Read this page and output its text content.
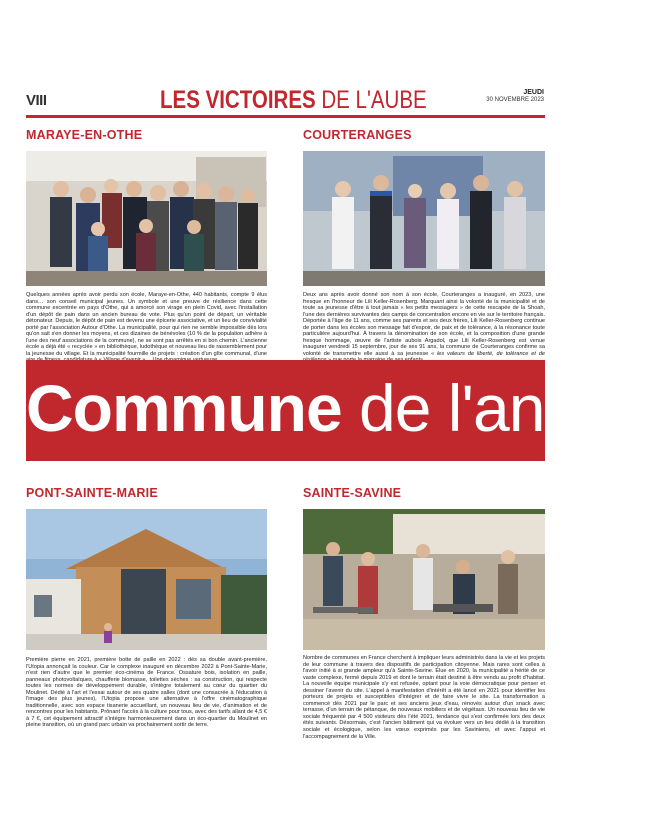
VIII	LES VICTOIRES DE L'AUBE	JEUDI
30 NOVEMBRE 2023
MARAYE-EN-OTHE
Quelques années après avoir perdu son école, Maraye-en-Othe, 440 habitants, compte 9 élus dans… son conseil municipal jeunes. Un symbole et une preuve de résilience dans cette commune excentrée en pays d'Othe, qui a amorcé son virage en plein Covid, avec l'installation d'un dépôt de pain dans un ancien bureau de vote. Plus qu'un point de départ, un véritable détonateur. Depuis, le dépôt de pain est devenu une épicerie associative, et un lieu de convivialité porté par l'association Autour d'Othe. La municipalité, pour qui rien ne semble impossible dès lors qu'on sait s'en donner les moyens, et ces dizaines de bénévoles (10 % de la population adhère à l'une des neuf associations de la commune), ne se sont pas arrêtés en si bon chemin. L'ancienne école a déjà été « recyclée » en bibliothèque, ludothèque et nouveau lieu de rassemblement pour la jeunesse du village. Et la municipalité fourmille de projets : création d'un gîte communal, d'une
COURTERANGES
Deux ans après avoir donné son nom à son école, Courteranges a inauguré, en 2023, une fresque en l'honneur de Lili Keller-Rosenberg. Marquant ainsi la volonté de la municipalité et de toute sa jeunesse d'être à tout jamais « les petits messagers » de cette rescapée de la Shoah, l'une des dernières survivantes des camps de concentration encore en vie sur le territoire français. Déportée à l'âge de 11 ans, comme ses parents et ses deux frères, Lili Keller-Rosenberg continue de porter dans les écoles son message fait d'espoir, de paix et de tolérance, à la résonance toute particulière aujourd'hui. À travers la dénomination de son école, et la composition d'une grande fresque hommage, œuvre de l'artiste aubois Argadol, que Lili Keller-Rosenberg est venue inaugurer vendredi 15 septembre, jour de ses 91 ans, la commune de Courteranges confirme sa volonté de transmettre elle aussi à sa jeunesse « les valeurs de liberté, de tolérance et de
Commune de l'année
PONT-SAINTE-MARIE
Première pierre en 2021, première botte de paille en 2022 : dès sa double avant-première, l'Utopia annonçait la couleur. Car le complexe inauguré en décembre 2022 à Pont-Sainte-Marie, n'est rien d'autre que le premier éco-cinéma de France. Ossature bois, isolation en paille, panneaux photovoltaïques, chaufferie biomasse, toilettes sèches : sa construction, qui respecte toutes les normes de développement durable, s'intègre totalement au cœur du quartier du Moulinet. Dédié à l'art et l'essai autour de ses quatre salles (dont une consacrée à l'éducation à l'image des plus jeunes), l'Utopia propose une alternative à l'offre cinématographique traditionnelle, avec son espace tisanerie accueillant, un nouveau lieu de vie, d'animation et de rencontres pour les habitants. Prônant l'accès à la culture pour tous, avec des tarifs allant de 4,5 € à 7 €, cet équipement attractif s'intègre harmonieusement dans un éco-quartier du Moulinet en pleine transition, où un grand parc urbain va prochainement sortir de terre.
SAINTE-SAVINE
Nombre de communes en France cherchent à impliquer leurs administrés dans la vie et les projets de leur commune à travers des dispositifs de participation citoyenne. Mais rares sont celles à l'avoir initié à si grande ampleur qu'à Sainte-Savine. Élue en 2020, la municipalité a hérité de ce vaste complexe, fermé depuis 2019 et dont le terrain était destiné à être vendu au profit d'habitat. La nouvelle équipe municipale s'y est refusée, optant pour la voie démocratique pour penser et dessiner l'avenir du site. L'appel à manifestation d'intérêt a été lancé en 2021 pour identifier les porteurs de projets et susceptibles d'intégrer et de faire vivre le site. La transformation a commencé dès 2021 par le parc et ses anciens jeux d'eau, rénovés autour d'un snack avec terrasse, d'un terrain de pétanque, de nouveaux mobiliers et de végétaux. Un nouveau lieu de vie sociale fréquenté par 4 500 visiteurs dès l'été 2021, tendance qui s'est confirmée lors des deux étés suivants. Désormais, c'est l'ancien bâtiment qui va évoluer vers un lieu dédié à la transition sociale et écologique, selon les vœux exprimés par les Saviniens, et avec l'appui et l'accompagnement de la Ville.
